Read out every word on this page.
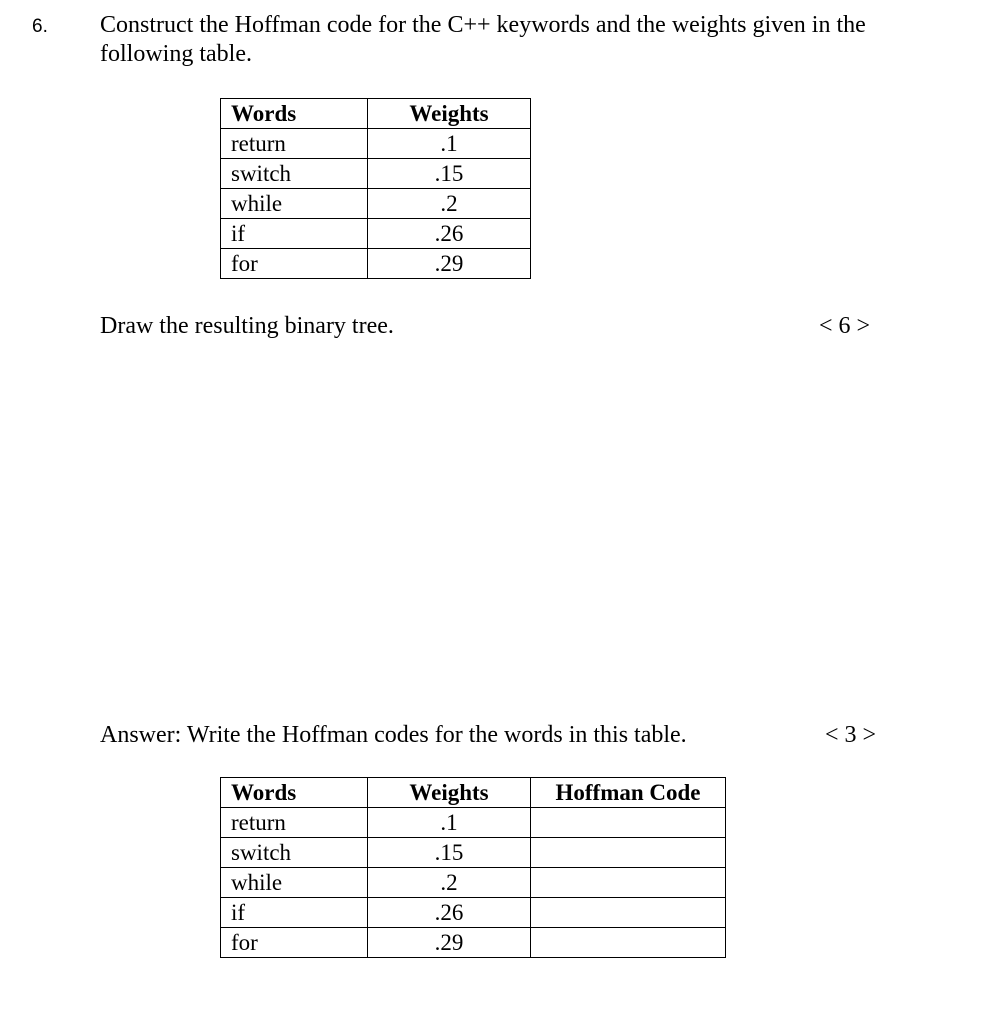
6. Construct the Hoffman code for the C++ keywords and the weights given in the following table.
Words	Weights
return	.1
switch	.15
while	.2
if	.26
for	.29
Draw the resulting binary tree.	< 6 >
Answer: Write the Hoffman codes for the words in this table.	< 3 >
Words	Weights	Hoffman Code
return	.1	
switch	.15	
while	.2	
if	.26	
for	.29	
